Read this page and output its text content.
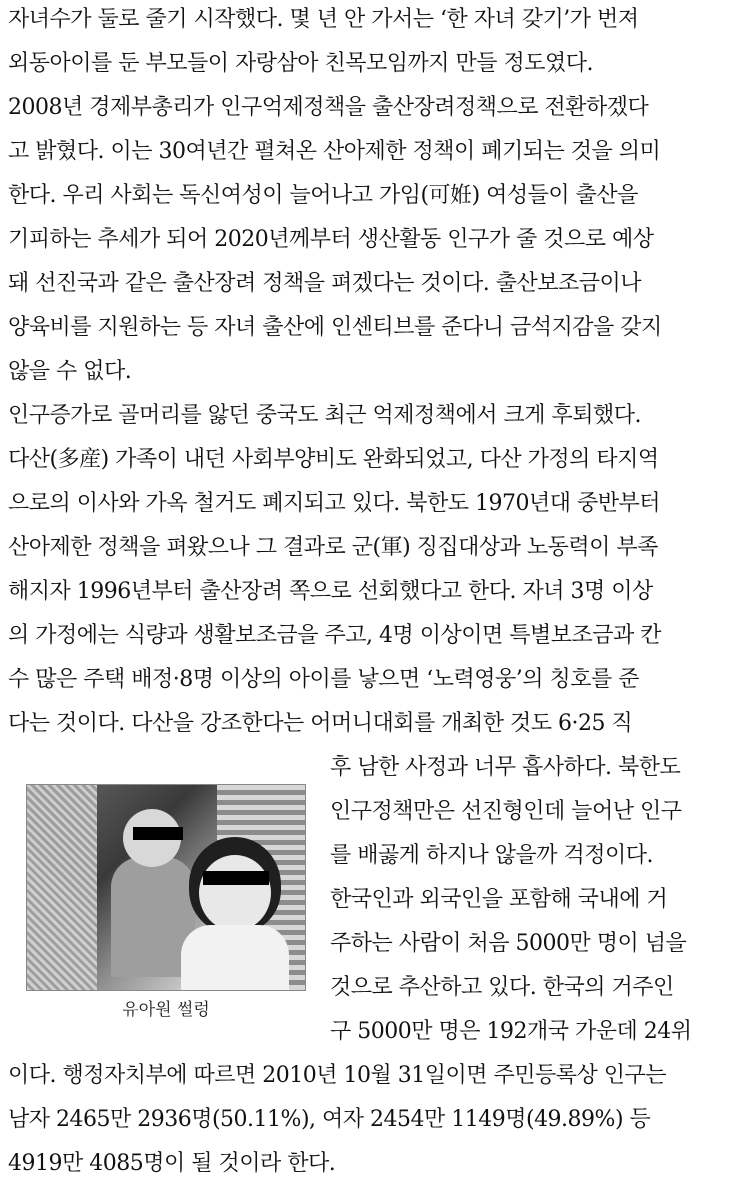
자녀수가 둘로 줄기 시작했다. 몇 년 안 가서는 ‘한 자녀 갖기’가 번져
외동아이를 둔 부모들이 자랑삼아 친목모임까지 만들 정도였다.
2008년 경제부총리가 인구억제정책을 출산장려정책으로 전환하겠다
고 밝혔다. 이는 30여년간 펼쳐온 산아제한 정책이 폐기되는 것을 의미
한다. 우리 사회는 독신여성이 늘어나고 가임(可姙) 여성들이 출산을
기피하는 추세가 되어 2020년께부터 생산활동 인구가 줄 것으로 예상
돼 선진국과 같은 출산장려 정책을 펴겠다는 것이다. 출산보조금이나
양육비를 지원하는 등 자녀 출산에 인센티브를 준다니 금석지감을 갖지
않을 수 없다.
인구증가로 골머리를 앓던 중국도 최근 억제정책에서 크게 후퇴했다.
다산(多産) 가족이 내던 사회부양비도 완화되었고, 다산 가정의 타지역
으로의 이사와 가옥 철거도 폐지되고 있다. 북한도 1970년대 중반부터
산아제한 정책을 펴왔으나 그 결과로 군(軍) 징집대상과 노동력이 부족
해지자 1996년부터 출산장려 쪽으로 선회했다고 한다. 자녀 3명 이상
의 가정에는 식량과 생활보조금을 주고, 4명 이상이면 특별보조금과 칸
수 많은 주택 배정·8명 이상의 아이를 낳으면 ‘노력영웅’의 칭호를 준
다는 것이다. 다산을 강조한다는 어머니대회를 개최한 것도 6·25 직
후 남한 사정과 너무 흡사하다. 북한도
인구정책만은 선진형인데 늘어난 인구
를 배곯게 하지나 않을까 걱정이다.
한국인과 외국인을 포함해 국내에 거
주하는 사람이 처음 5000만 명이 넘을
것으로 추산하고 있다. 한국의 거주인
구 5000만 명은 192개국 가운데 24위
이다. 행정자치부에 따르면 2010년 10월 31일이면 주민등록상 인구는
남자 2465만 2936명(50.11%), 여자 2454만 1149명(49.89%) 등
4919만 4085명이 될 것이라 한다.
유아원 썰렁
